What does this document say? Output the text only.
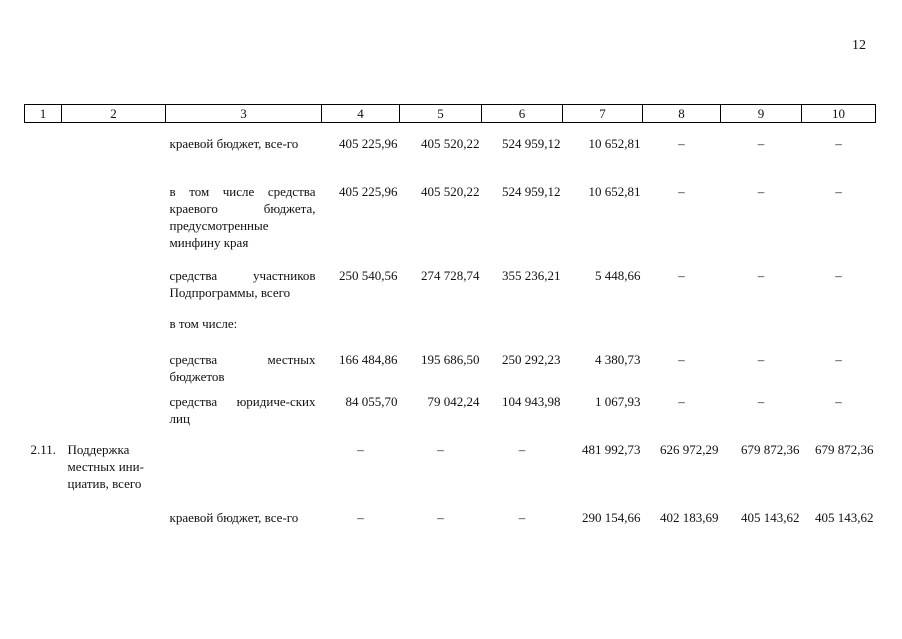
12
1	2	3	4	5	6	7	8	9	10
		краевой бюджет, все-го	405 225,96	405 520,22	524 959,12	10 652,81	–	–	–
		в том числе средства краевого бюджета, предусмотренные минфину края	405 225,96	405 520,22	524 959,12	10 652,81	–	–	–
		средства участников Подпрограммы, всего	250 540,56	274 728,74	355 236,21	5 448,66	–	–	–
		в том числе:							
		средства местных бюджетов	166 484,86	195 686,50	250 292,23	4 380,73	–	–	–
		средства юридиче-ских лиц	84 055,70	79 042,24	104 943,98	1 067,93	–	–	–
2.11.	Поддержка местных ини-циатив, всего		–	–	–	481 992,73	626 972,29	679 872,36	679 872,36
		краевой бюджет, все-го	–	–	–	290 154,66	402 183,69	405 143,62	405 143,62
